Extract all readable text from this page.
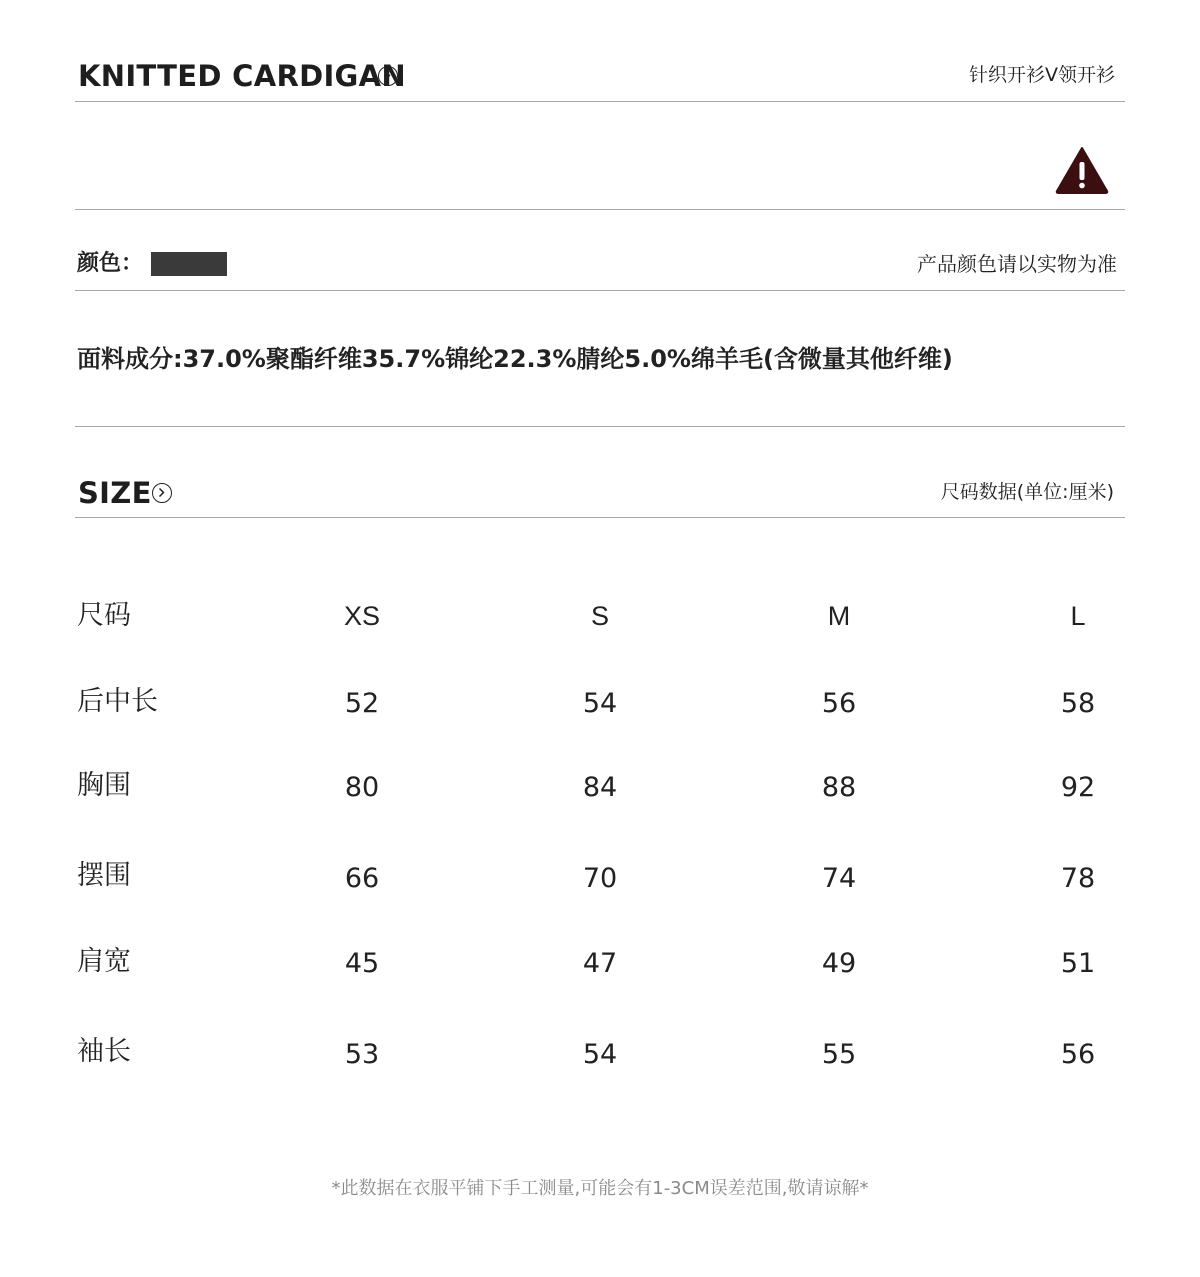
KNITTED CARDIGAN	针织开衫V领开衫
颜色：	产品颜色请以实物为准
面料成分:37.0%聚酯纤维35.7%锦纶22.3%腈纶5.0%绵羊毛(含微量其他纤维)
SIZE	尺码数据(单位:厘米)
尺码	XS	S	M	L
后中长	52	54	56	58
胸围	80	84	88	92
摆围	66	70	74	78
肩宽	45	47	49	51
袖长	53	54	55	56
*此数据在衣服平铺下手工测量,可能会有1-3CM误差范围,敬请谅解*
